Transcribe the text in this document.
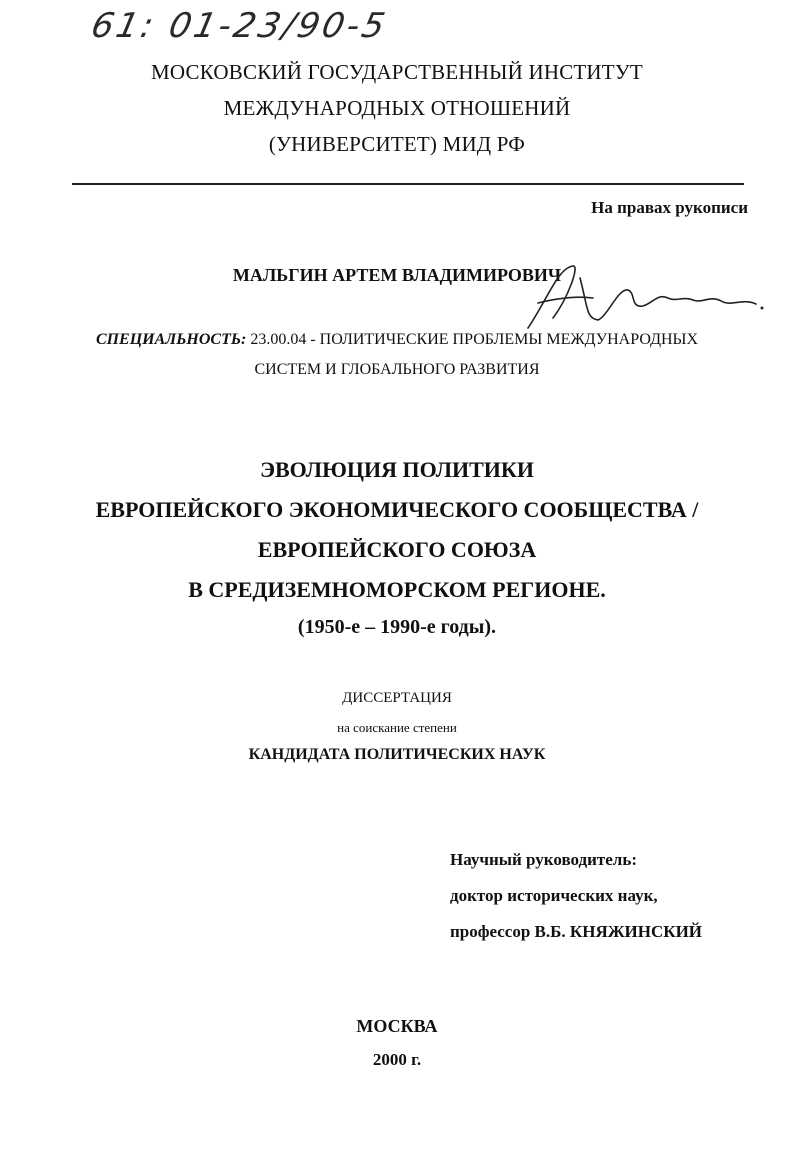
61: 01-23/90-5
МОСКОВСКИЙ ГОСУДАРСТВЕННЫЙ ИНСТИТУТ
МЕЖДУНАРОДНЫХ ОТНОШЕНИЙ
(УНИВЕРСИТЕТ) МИД РФ
На правах рукописи
МАЛЬГИН АРТЕМ ВЛАДИМИРОВИЧ
СПЕЦИАЛЬНОСТЬ: 23.00.04 - ПОЛИТИЧЕСКИЕ ПРОБЛЕМЫ МЕЖДУНАРОДНЫХ
СИСТЕМ И ГЛОБАЛЬНОГО РАЗВИТИЯ
ЭВОЛЮЦИЯ ПОЛИТИКИ
ЕВРОПЕЙСКОГО ЭКОНОМИЧЕСКОГО СООБЩЕСТВА /
ЕВРОПЕЙСКОГО СОЮЗА
В СРЕДИЗЕМНОМОРСКОМ РЕГИОНЕ.
(1950-е – 1990-е годы).
ДИССЕРТАЦИЯ
на соискание степени
КАНДИДАТА ПОЛИТИЧЕСКИХ НАУК
Научный руководитель:
доктор исторических наук,
профессор В.Б. КНЯЖИНСКИЙ
МОСКВА
2000 г.
